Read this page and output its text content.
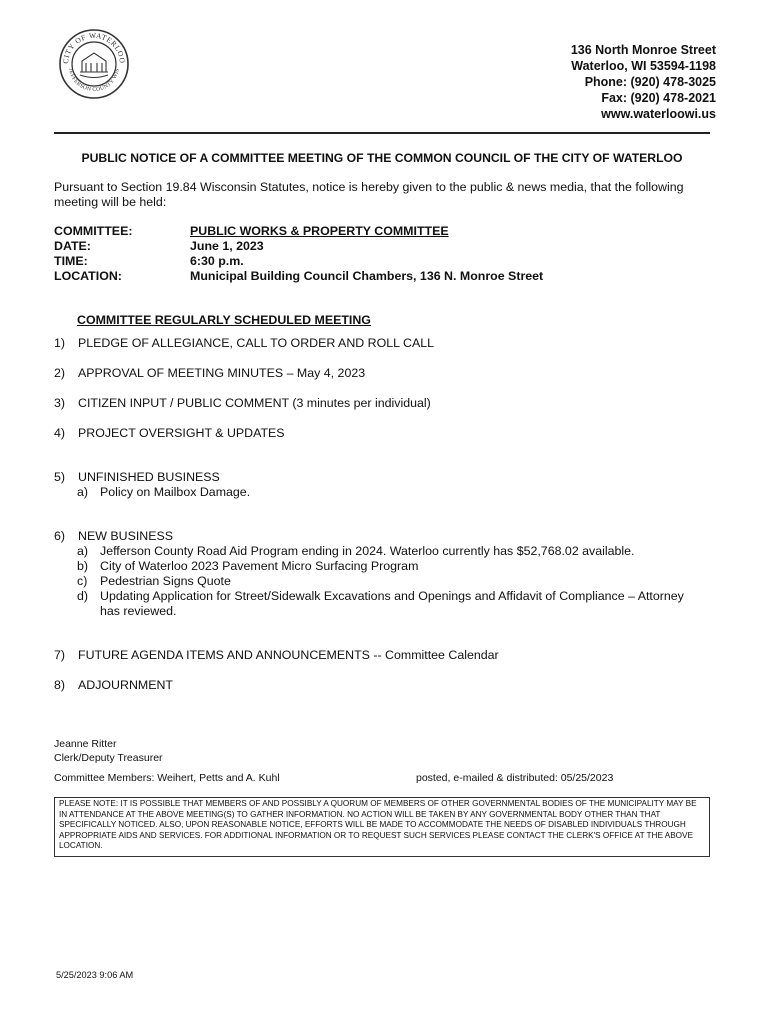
CITY OF WATERLOO
JEFFERSON COUNTY WIS
136 North Monroe Street
Waterloo, WI 53594-1198
Phone: (920) 478-3025
Fax: (920) 478-2021
www.waterloowi.us
PUBLIC NOTICE OF A COMMITTEE MEETING OF THE COMMON COUNCIL OF THE CITY OF WATERLOO
Pursuant to Section 19.84 Wisconsin Statutes, notice is hereby given to the public & news media, that the following meeting will be held:
COMMITTEE:	PUBLIC WORKS & PROPERTY COMMITTEE
DATE:	June 1, 2023
TIME:	6:30 p.m.
LOCATION:	Municipal Building Council Chambers, 136 N. Monroe Street
COMMITTEE REGULARLY SCHEDULED MEETING
1) PLEDGE OF ALLEGIANCE, CALL TO ORDER AND ROLL CALL
2) APPROVAL OF MEETING MINUTES – May 4, 2023
3) CITIZEN INPUT / PUBLIC COMMENT (3 minutes per individual)
4) PROJECT OVERSIGHT & UPDATES
5) UNFINISHED BUSINESS
a) Policy on Mailbox Damage.
6) NEW BUSINESS
a) Jefferson County Road Aid Program ending in 2024. Waterloo currently has $52,768.02 available.
b) City of Waterloo 2023 Pavement Micro Surfacing Program
c) Pedestrian Signs Quote
d) Updating Application for Street/Sidewalk Excavations and Openings and Affidavit of Compliance – Attorney
has reviewed.
7) FUTURE AGENDA ITEMS AND ANNOUNCEMENTS -- Committee Calendar
8) ADJOURNMENT
Jeanne Ritter
Clerk/Deputy Treasurer
Committee Members: Weihert, Petts and A. Kuhl	posted, e-mailed & distributed: 05/25/2023
PLEASE NOTE: IT IS POSSIBLE THAT MEMBERS OF AND POSSIBLY A QUORUM OF MEMBERS OF OTHER GOVERNMENTAL BODIES OF THE MUNICIPALITY MAY BE IN ATTENDANCE AT THE ABOVE MEETING(S) TO GATHER INFORMATION. NO ACTION WILL BE TAKEN BY ANY GOVERNMENTAL BODY OTHER THAN THAT SPECIFICALLY NOTICED. ALSO, UPON REASONABLE NOTICE, EFFORTS WILL BE MADE TO ACCOMMODATE THE NEEDS OF DISABLED INDIVIDUALS THROUGH APPROPRIATE AIDS AND SERVICES. FOR ADDITIONAL INFORMATION OR TO REQUEST SUCH SERVICES PLEASE CONTACT THE CLERK'S OFFICE AT THE ABOVE LOCATION.
5/25/2023 9:06 AM
